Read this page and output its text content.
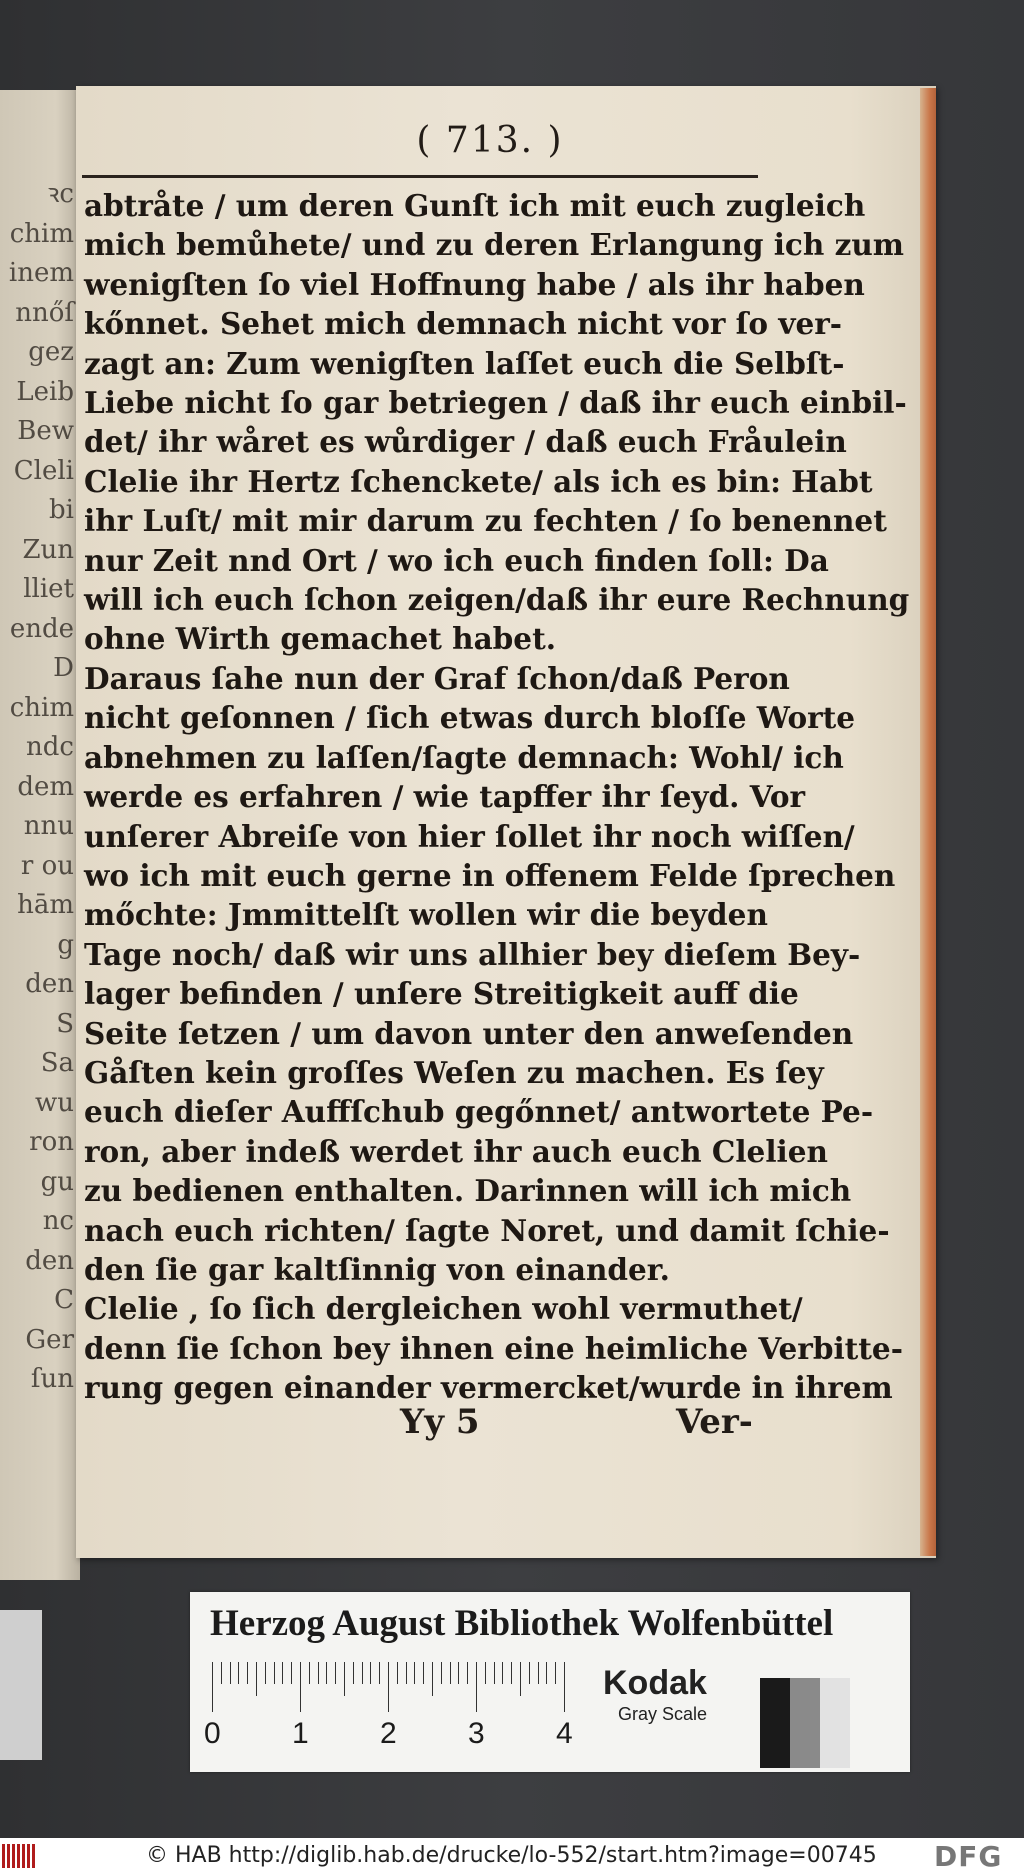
ꝛc
chim
inem
nnőſ
gez
Leib
Bew
Cleli
bi
Zun
lliet
ende
D
chim
ndc
dem
nnu
r ou
hām
g
den
S
Sa
wu
ron
gu
nc
den
C
Ger
ſun
( 713. )
abtråte / um deren Gunſt ich mit euch zugleich
mich bemůhete/ und zu deren Erlangung ich zum
wenigſten ſo viel Hoffnung habe / als ihr haben
kőnnet. Sehet mich demnach nicht vor ſo ver-
zagt an: Zum wenigſten laſſet euch die Selbſt-
Liebe nicht ſo gar betriegen / daß ihr euch einbil-
det/ ihr wåret es wůrdiger / daß euch Fråulein
Clelie ihr Hertz ſchenckete/ als ich es bin: Habt
ihr Luſt/ mit mir darum zu fechten / ſo benennet
nur Zeit nnd Ort / wo ich euch finden ſoll: Da
will ich euch ſchon zeigen/daß ihr eure Rechnung
ohne Wirth gemachet habet.
Daraus ſahe nun der Graf ſchon/daß Peron
nicht geſonnen / ſich etwas durch bloſſe Worte
abnehmen zu laſſen/ſagte demnach: Wohl/ ich
werde es erfahren / wie tapffer ihr ſeyd. Vor
unſerer Abreiſe von hier ſollet ihr noch wiſſen/
wo ich mit euch gerne in offenem Felde ſprechen
mőchte: Jmmittelſt wollen wir die beyden
Tage noch/ daß wir uns allhier bey dieſem Bey-
lager befinden / unſere Streitigkeit auff die
Seite ſetzen / um davon unter den anweſenden
Gåſten kein groſſes Weſen zu machen. Es ſey
euch dieſer Auffſchub gegőnnet/ antwortete Pe-
ron, aber indeß werdet ihr auch euch Clelien
zu bedienen enthalten. Darinnen will ich mich
nach euch richten/ ſagte Noret, und damit ſchie-
den ſie gar kaltſinnig von einander.
Clelie , ſo ſich dergleichen wohl vermuthet/
denn ſie ſchon bey ihnen eine heimliche Verbitte-
rung gegen einander vermercket/wurde in ihrem
Yy 5	Ver-
Herzog August Bibliothek Wolfenbüttel
0 1 2 3 4
Kodak
Gray Scale
© HAB http://diglib.hab.de/drucke/lo-552/start.htm?image=00745 DFG
